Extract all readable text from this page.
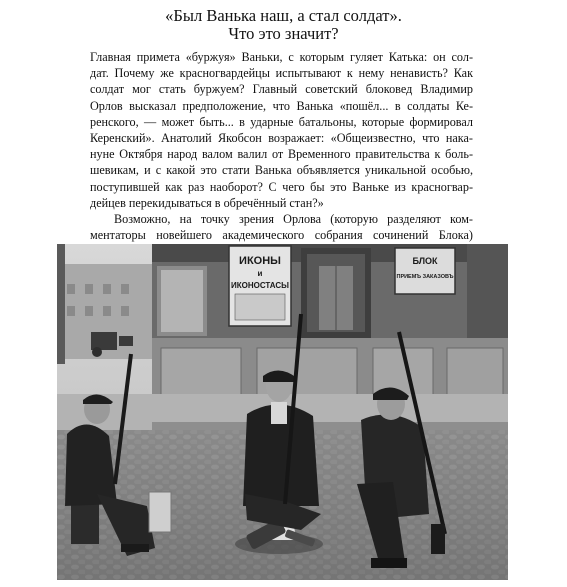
«Был Ванька наш, а стал солдат».
Что это значит?
Главная примета «буржуя» Ваньки, с которым гуляет Катька: он сол-
дат. Почему же красногвардейцы испытывают к нему ненависть? Как
солдат мог стать буржуем? Главный советский блоковед Владимир
Орлов высказал предположение, что Ванька «пошёл... в солдаты Ке-
ренского, — может быть... в ударные батальоны, которые формировал
Керенский». Анатолий Якобсон возражает: «Общеизвестно, что нака-
нуне Октября народ валом валил от Временного правительства к боль-
шевикам, и с какой это стати Ванька объявляется уникальной особью,
поступившей как раз наоборот? С чего бы это Ваньке из красногвар-
дейцев перекидываться в обречённый стан?»
Возможно, на точку зрения Орлова (которую разделяют ком-
ментаторы новейшего академического собрания сочинений Блока)
ИКОНЫ
и
ИКОНОСТАСЫ
БЛОК
ПРИЕМЪ ЗАКАЗОВЪ
